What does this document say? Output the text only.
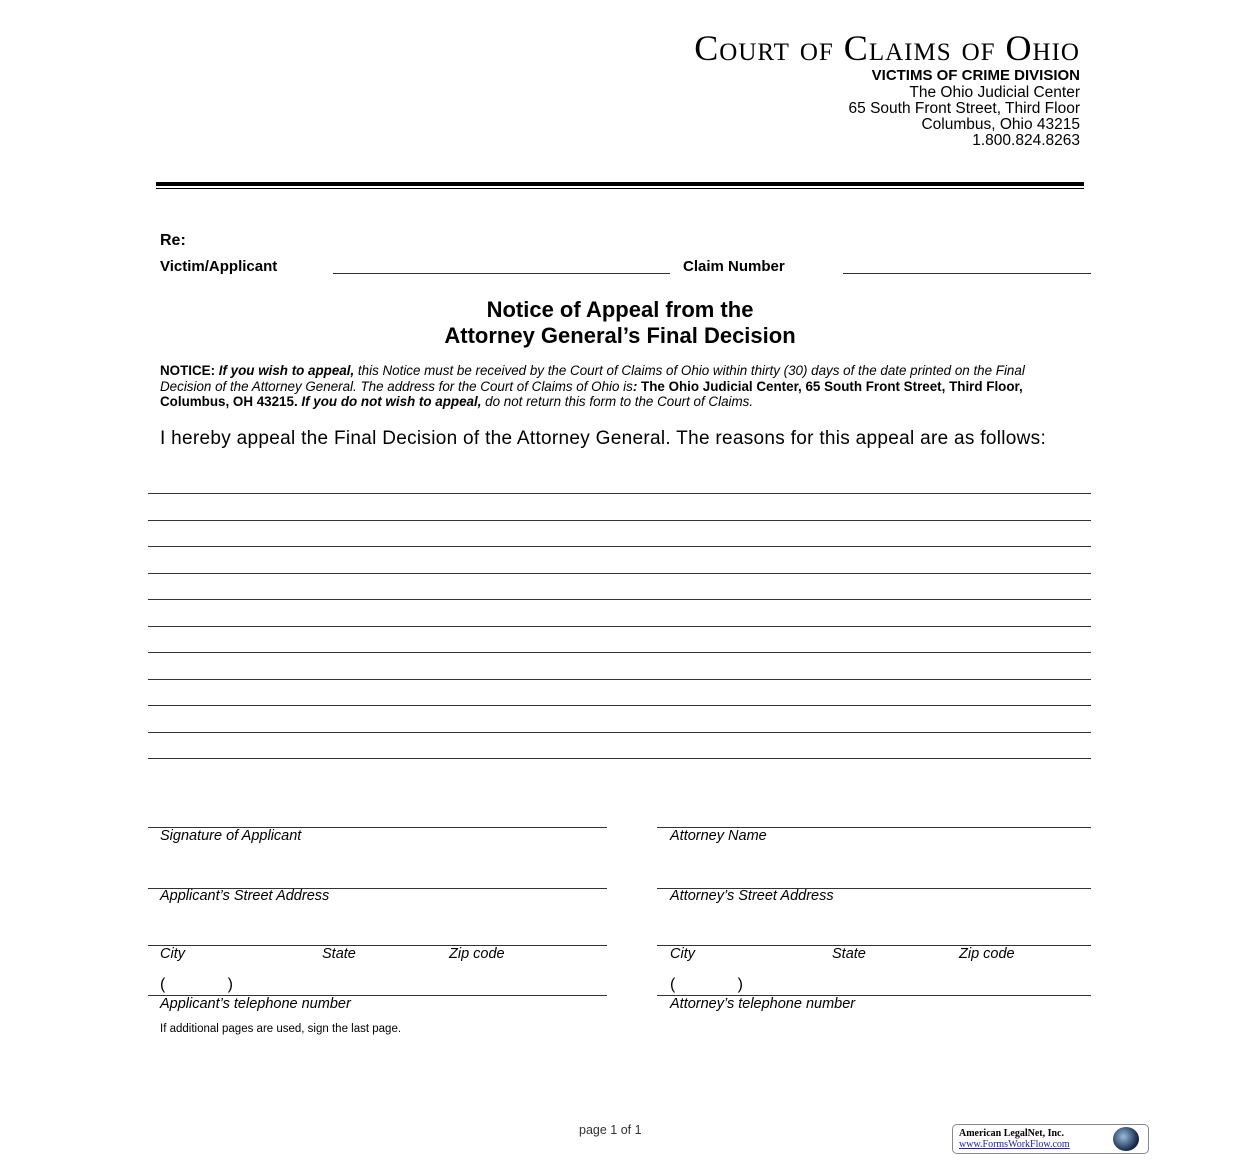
Court of Claims of Ohio
VICTIMS OF CRIME DIVISION
The Ohio Judicial Center
65 South Front Street, Third Floor
Columbus, Ohio 43215
1.800.824.8263
Re:
Victim/Applicant	Claim Number
Notice of Appeal from the
Attorney General’s Final Decision
NOTICE: If you wish to appeal, this Notice must be received by the Court of Claims of Ohio within thirty (30) days of the date printed on the Final Decision of the Attorney General. The address for the Court of Claims of Ohio is: The Ohio Judicial Center, 65 South Front Street, Third Floor, Columbus, OH 43215. If you do not wish to appeal, do not return this form to the Court of Claims.
I hereby appeal the Final Decision of the Attorney General. The reasons for this appeal are as follows:
Signature of Applicant
Applicant’s Street Address
City	State	Zip code
(              )
Applicant’s telephone number
Attorney Name
Attorney’s Street Address
City	State	Zip code
(              )
Attorney’s telephone number
If additional pages are used, sign the last page.
page 1 of 1	American LegalNet, Inc.
www.FormsWorkFlow.com
